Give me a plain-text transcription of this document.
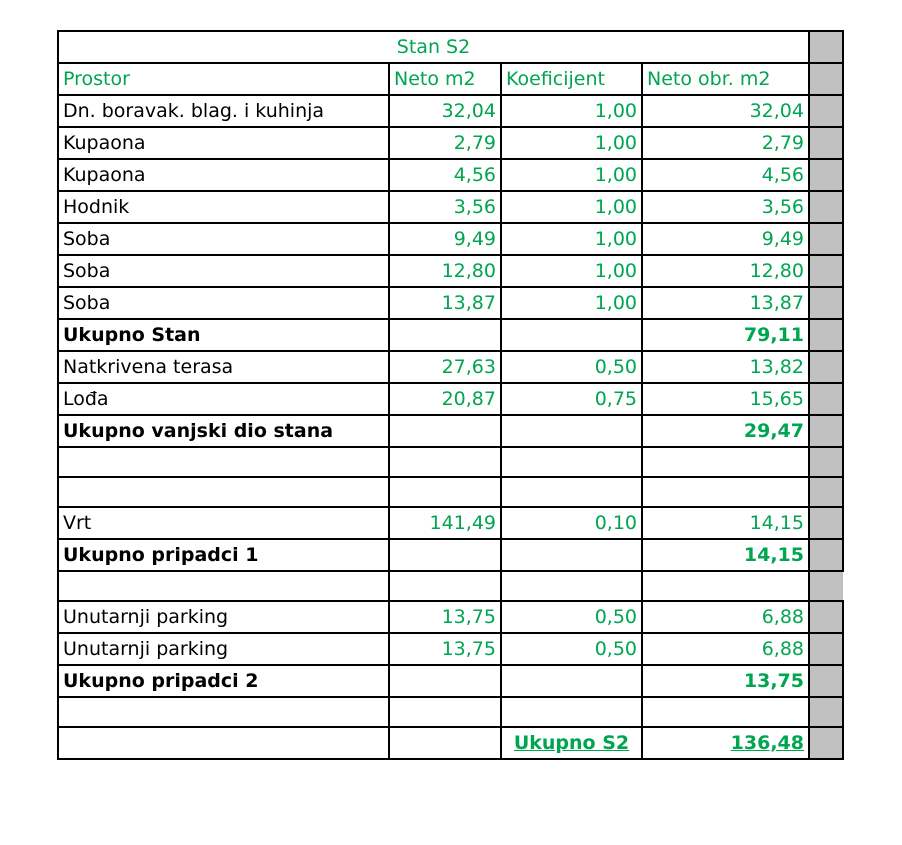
Stan S2				
Prostor	Neto m2	Koeficijent	Neto obr. m2	
Dn. boravak. blag. i kuhinja	32,04	1,00	32,04	
Kupaona	2,79	1,00	2,79	
Kupaona	4,56	1,00	4,56	
Hodnik	3,56	1,00	3,56	
Soba	9,49	1,00	9,49	
Soba	12,80	1,00	12,80	
Soba	13,87	1,00	13,87	
Ukupno Stan			79,11	
Natkrivena terasa	27,63	0,50	13,82	
Lođa	20,87	0,75	15,65	
Ukupno vanjski dio stana			29,47	

Vrt	141,49	0,10	14,15	
Ukupno pripadci 1			14,15	

Unutarnji parking	13,75	0,50	6,88	
Unutarnji parking	13,75	0,50	6,88	
Ukupno pripadci 2			13,75	

		Ukupno S2	136,48	
